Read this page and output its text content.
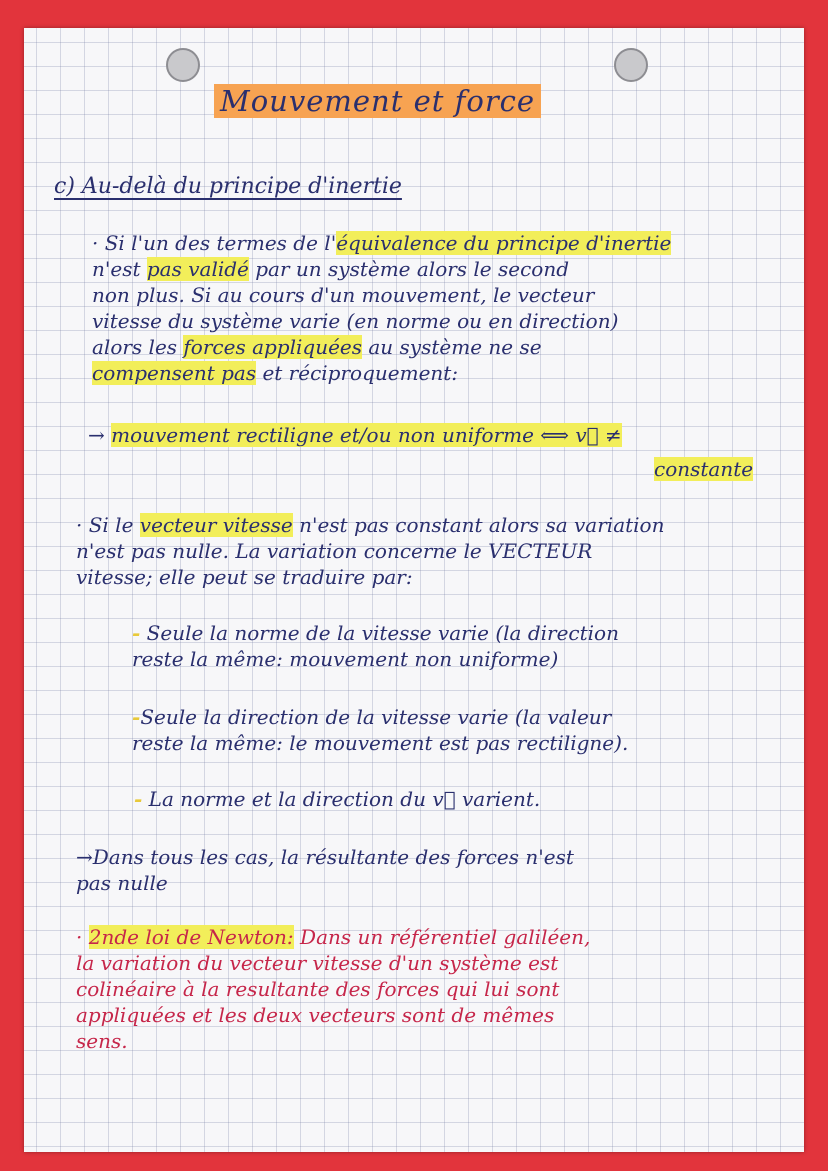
Mouvement et force

c) Au-delà du principe d'inertie

· Si l'un des termes de l'équivalence du principe d'inertie
n'est pas validé par un système alors le second
non plus. Si au cours d'un mouvement, le vecteur
vitesse du système varie (en norme ou en direction)
alors les forces appliquées au système ne se
compensent pas et réciproquement:
→ mouvement rectiligne et/ou non uniforme ⟺ v⃗ ≠
constante
· Si le vecteur vitesse n'est pas constant alors sa variation
n'est pas nulle. La variation concerne le VECTEUR
vitesse; elle peut se traduire par:
- Seule la norme de la vitesse varie (la direction
reste la même: mouvement non uniforme)
-Seule la direction de la vitesse varie (la valeur
reste la même: le mouvement est pas rectiligne).
- La norme et la direction du v⃗ varient.
→Dans tous les cas, la résultante des forces n'est
pas nulle
· 2nde loi de Newton: Dans un référentiel galiléen,
la variation du vecteur vitesse d'un système est
colinéaire à la resultante des forces qui lui sont
appliquées et les deux vecteurs sont de mêmes
sens.
